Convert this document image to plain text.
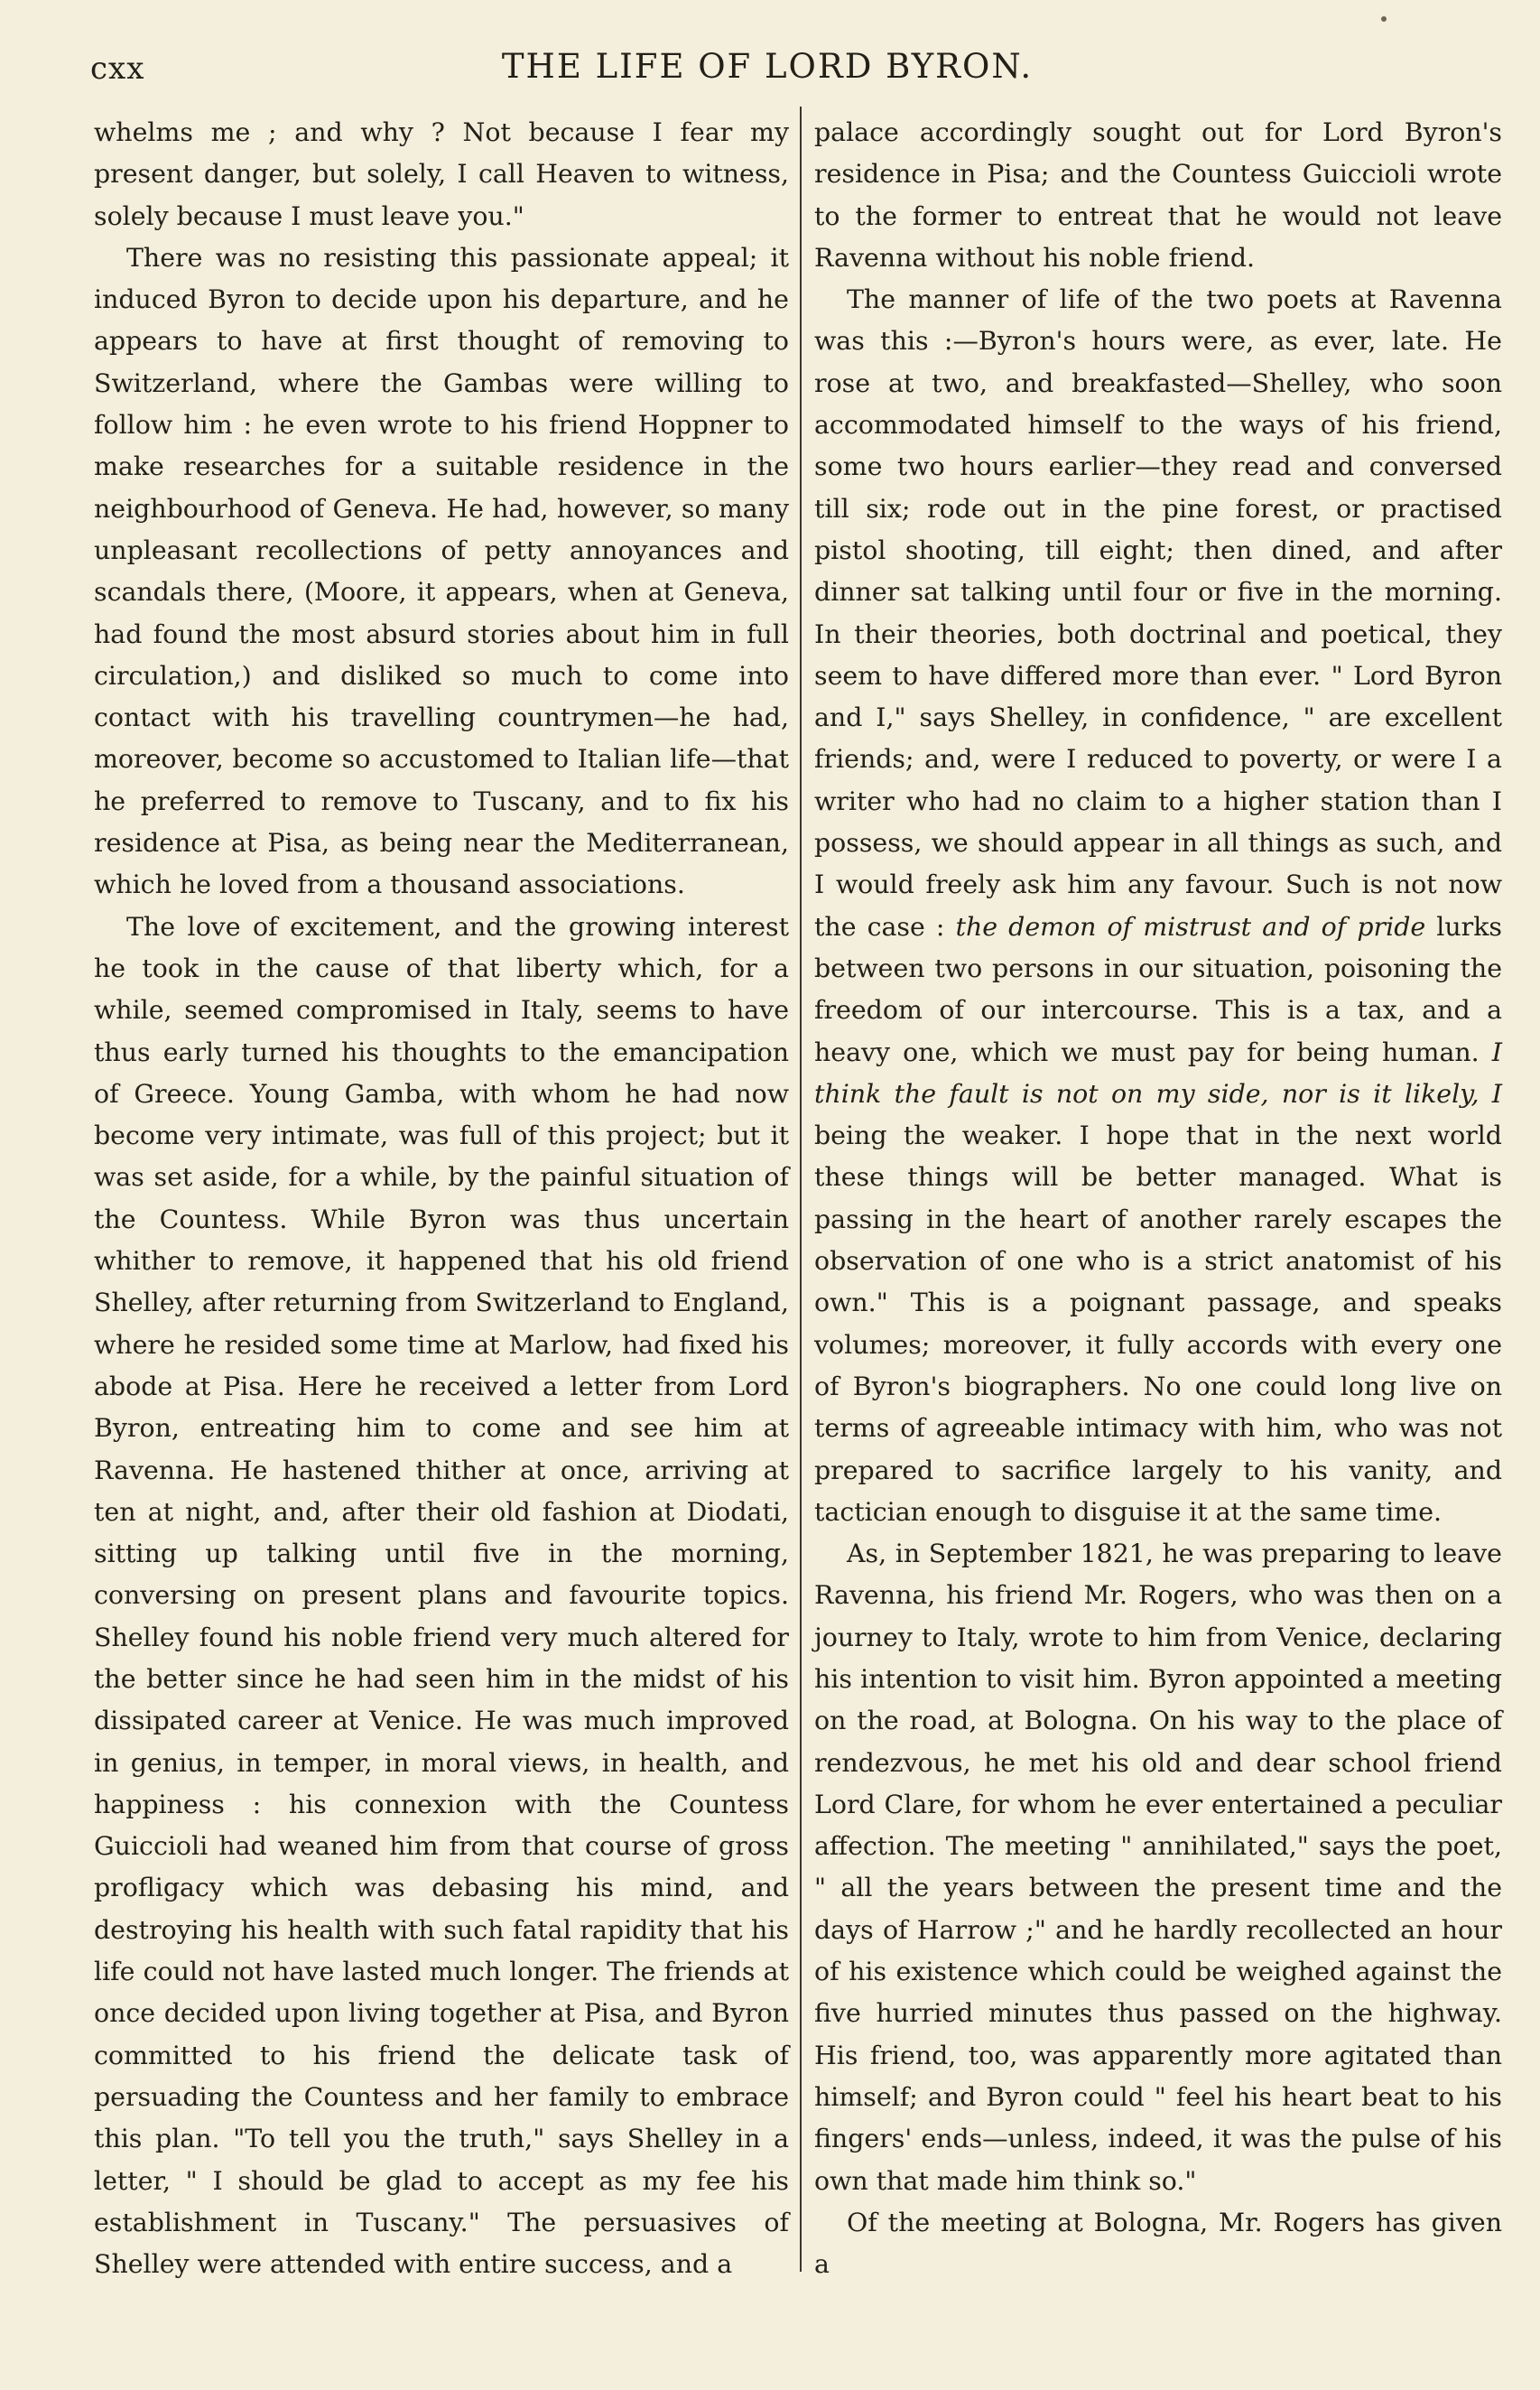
cxx	THE LIFE OF LORD BYRON.

whelms me ; and why ? Not because I fear my present danger, but solely, I call Heaven to witness, solely because I must leave you."

There was no resisting this passionate appeal; it induced Byron to decide upon his departure, and he appears to have at first thought of removing to Switzerland, where the Gambas were willing to follow him : he even wrote to his friend Hoppner to make researches for a suitable residence in the neighbourhood of Geneva. He had, however, so many unpleasant recollections of petty annoyances and scandals there, (Moore, it appears, when at Geneva, had found the most absurd stories about him in full circulation,) and disliked so much to come into contact with his travelling countrymen—he had, moreover, become so accustomed to Italian life—that he preferred to remove to Tuscany, and to fix his residence at Pisa, as being near the Mediterranean, which he loved from a thousand associations.

The love of excitement, and the growing interest he took in the cause of that liberty which, for a while, seemed compromised in Italy, seems to have thus early turned his thoughts to the emancipation of Greece. Young Gamba, with whom he had now become very intimate, was full of this project; but it was set aside, for a while, by the painful situation of the Countess. While Byron was thus uncertain whither to remove, it happened that his old friend Shelley, after returning from Switzerland to England, where he resided some time at Marlow, had fixed his abode at Pisa. Here he received a letter from Lord Byron, entreating him to come and see him at Ravenna. He hastened thither at once, arriving at ten at night, and, after their old fashion at Diodati, sitting up talking until five in the morning, conversing on present plans and favourite topics. Shelley found his noble friend very much altered for the better since he had seen him in the midst of his dissipated career at Venice. He was much improved in genius, in temper, in moral views, in health, and happiness : his connexion with the Countess Guiccioli had weaned him from that course of gross profligacy which was debasing his mind, and destroying his health with such fatal rapidity that his life could not have lasted much longer. The friends at once decided upon living together at Pisa, and Byron committed to his friend the delicate task of persuading the Countess and her family to embrace this plan. "To tell you the truth," says Shelley in a letter, " I should be glad to accept as my fee his establishment in Tuscany." The persuasives of Shelley were attended with entire success, and a

palace accordingly sought out for Lord Byron's residence in Pisa; and the Countess Guiccioli wrote to the former to entreat that he would not leave Ravenna without his noble friend.

The manner of life of the two poets at Ravenna was this :—Byron's hours were, as ever, late. He rose at two, and breakfasted—Shelley, who soon accommodated himself to the ways of his friend, some two hours earlier—they read and conversed till six; rode out in the pine forest, or practised pistol shooting, till eight; then dined, and after dinner sat talking until four or five in the morning. In their theories, both doctrinal and poetical, they seem to have differed more than ever. " Lord Byron and I," says Shelley, in confidence, " are excellent friends; and, were I reduced to poverty, or were I a writer who had no claim to a higher station than I possess, we should appear in all things as such, and I would freely ask him any favour. Such is not now the case : the demon of mistrust and of pride lurks between two persons in our situation, poisoning the freedom of our intercourse. This is a tax, and a heavy one, which we must pay for being human. I think the fault is not on my side, nor is it likely, I being the weaker. I hope that in the next world these things will be better managed. What is passing in the heart of another rarely escapes the observation of one who is a strict anatomist of his own." This is a poignant passage, and speaks volumes; moreover, it fully accords with every one of Byron's biographers. No one could long live on terms of agreeable intimacy with him, who was not prepared to sacrifice largely to his vanity, and tactician enough to disguise it at the same time.

As, in September 1821, he was preparing to leave Ravenna, his friend Mr. Rogers, who was then on a journey to Italy, wrote to him from Venice, declaring his intention to visit him. Byron appointed a meeting on the road, at Bologna. On his way to the place of rendezvous, he met his old and dear school friend Lord Clare, for whom he ever entertained a peculiar affection. The meeting " annihilated," says the poet, " all the years between the present time and the days of Harrow ;" and he hardly recollected an hour of his existence which could be weighed against the five hurried minutes thus passed on the highway. His friend, too, was apparently more agitated than himself; and Byron could " feel his heart beat to his fingers' ends—unless, indeed, it was the pulse of his own that made him think so."

Of the meeting at Bologna, Mr. Rogers has given a
